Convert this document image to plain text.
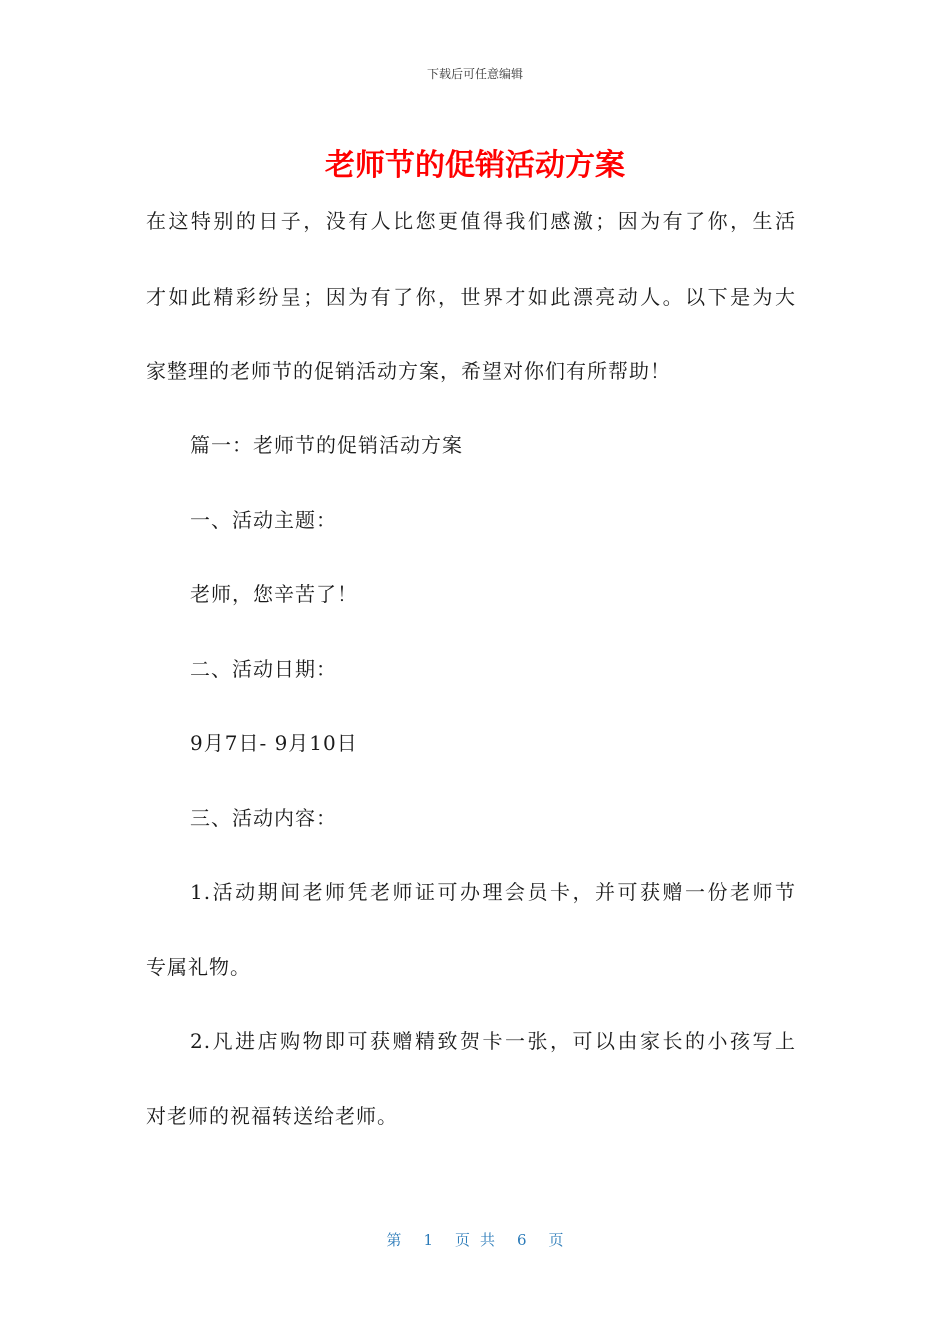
下载后可任意编辑
老师节的促销活动方案
在这特别的日子，没有人比您更值得我们感激；因为有了你，生活
才如此精彩纷呈；因为有了你，世界才如此漂亮动人。以下是为大
家整理的老师节的促销活动方案，希望对你们有所帮助！
篇一：老师节的促销活动方案
一、活动主题：
老师，您辛苦了！
二、活动日期：
9月7日- 9月10日
三、活动内容：
1.活动期间老师凭老师证可办理会员卡，并可获赠一份老师节
专属礼物。
2.凡进店购物即可获赠精致贺卡一张，可以由家长的小孩写上
对老师的祝福转送给老师。
第 1 页共 6 页
